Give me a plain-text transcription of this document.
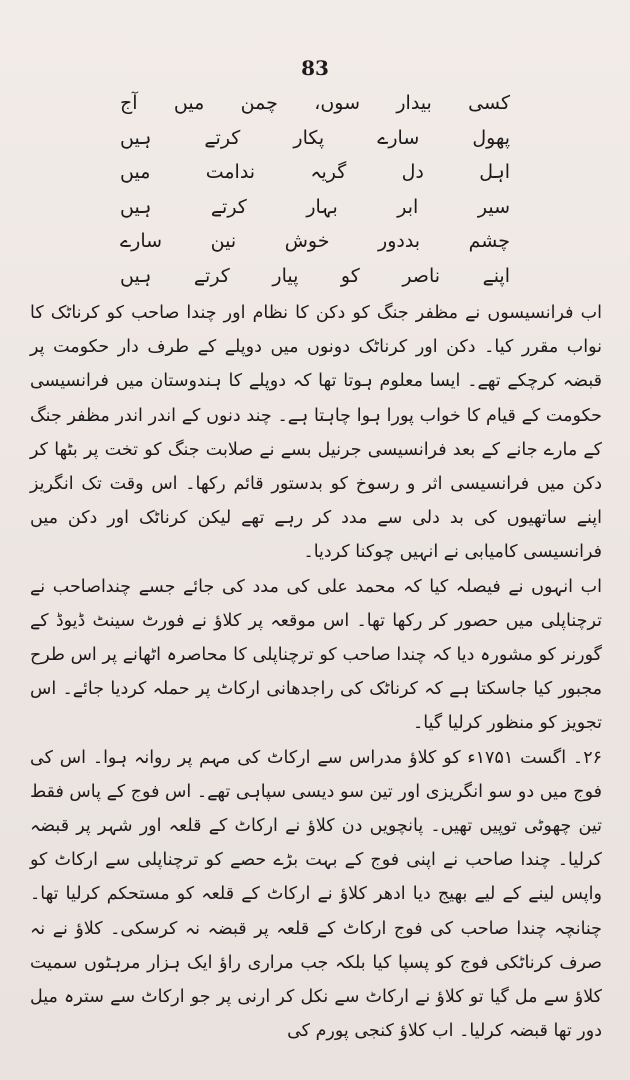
83
کسی
بیدار
سوں،
چمن
میں
آج
پھول
سارے
پکار
کرتے
ہیں
اہل
دل
گریہ
ندامت
میں
سیر
ابر
بہار
کرتے
ہیں
چشم
بددور
خوش
نین
سارے
اپنے
ناصر
کو
پیار
کرتے
ہیں

اب فرانسیسوں نے مظفر جنگ کو دکن کا نظام اور چندا صاحب کو کرناٹک کا نواب مقرر کیا۔ دکن اور کرناٹک دونوں میں دوپلے کے طرف دار حکومت پر قبضہ کرچکے تھے۔ ایسا معلوم ہوتا تھا کہ دوپلے کا ہندوستان میں فرانسیسی حکومت کے قیام کا خواب پورا ہوا چاہتا ہے۔ چند دنوں کے اندر اندر مظفر جنگ کے مارے جانے کے بعد فرانسیسی جرنیل بسے نے صلابت جنگ کو تخت پر بٹھا کر دکن میں فرانسیسی اثر و رسوخ کو بدستور قائم رکھا۔ اس وقت تک انگریز اپنے ساتھیوں کی بد دلی سے مدد کر رہے تھے لیکن کرناٹک اور دکن میں فرانسیسی کامیابی نے انہیں چوکنا کردیا۔

اب انہوں نے فیصلہ کیا کہ محمد علی کی مدد کی جائے جسے چنداصاحب نے ترچناپلی میں حصور کر رکھا تھا۔ اس موقعہ پر کلاؤ نے فورٹ سینٹ ڈیوڈ کے گورنر کو مشورہ دیا کہ چندا صاحب کو ترچناپلی کا محاصرہ اٹھانے پر اس طرح مجبور کیا جاسکتا ہے کہ کرناٹک کی راجدھانی ارکاٹ پر حملہ کردیا جائے۔ اس تجویز کو منظور کرلیا گیا۔

۲۶۔ اگست ۱۷۵۱ء کو کلاؤ مدراس سے ارکاٹ کی مہم پر روانہ ہوا۔ اس کی فوج میں دو سو انگریزی اور تین سو دیسی سپاہی تھے۔ اس فوج کے پاس فقط تین چھوٹی توپیں تھیں۔ پانچویں دن کلاؤ نے ارکاٹ کے قلعہ اور شہر پر قبضہ کرلیا۔ چندا صاحب نے اپنی فوج کے بہت بڑے حصے کو ترچناپلی سے ارکاٹ کو واپس لینے کے لیے بھیج دیا ادھر کلاؤ نے ارکاٹ کے قلعہ کو مستحکم کرلیا تھا۔ چنانچہ چندا صاحب کی فوج ارکاٹ کے قلعہ پر قبضہ نہ کرسکی۔ کلاؤ نے نہ صرف کرناٹکی فوج کو پسپا کیا بلکہ جب مراری راؤ ایک ہزار مرہٹوں سمیت کلاؤ سے مل گیا تو کلاؤ نے ارکاٹ سے نکل کر ارنی پر جو ارکاٹ سے سترہ میل دور تھا قبضہ کرلیا۔ اب کلاؤ کنجی پورم کی
